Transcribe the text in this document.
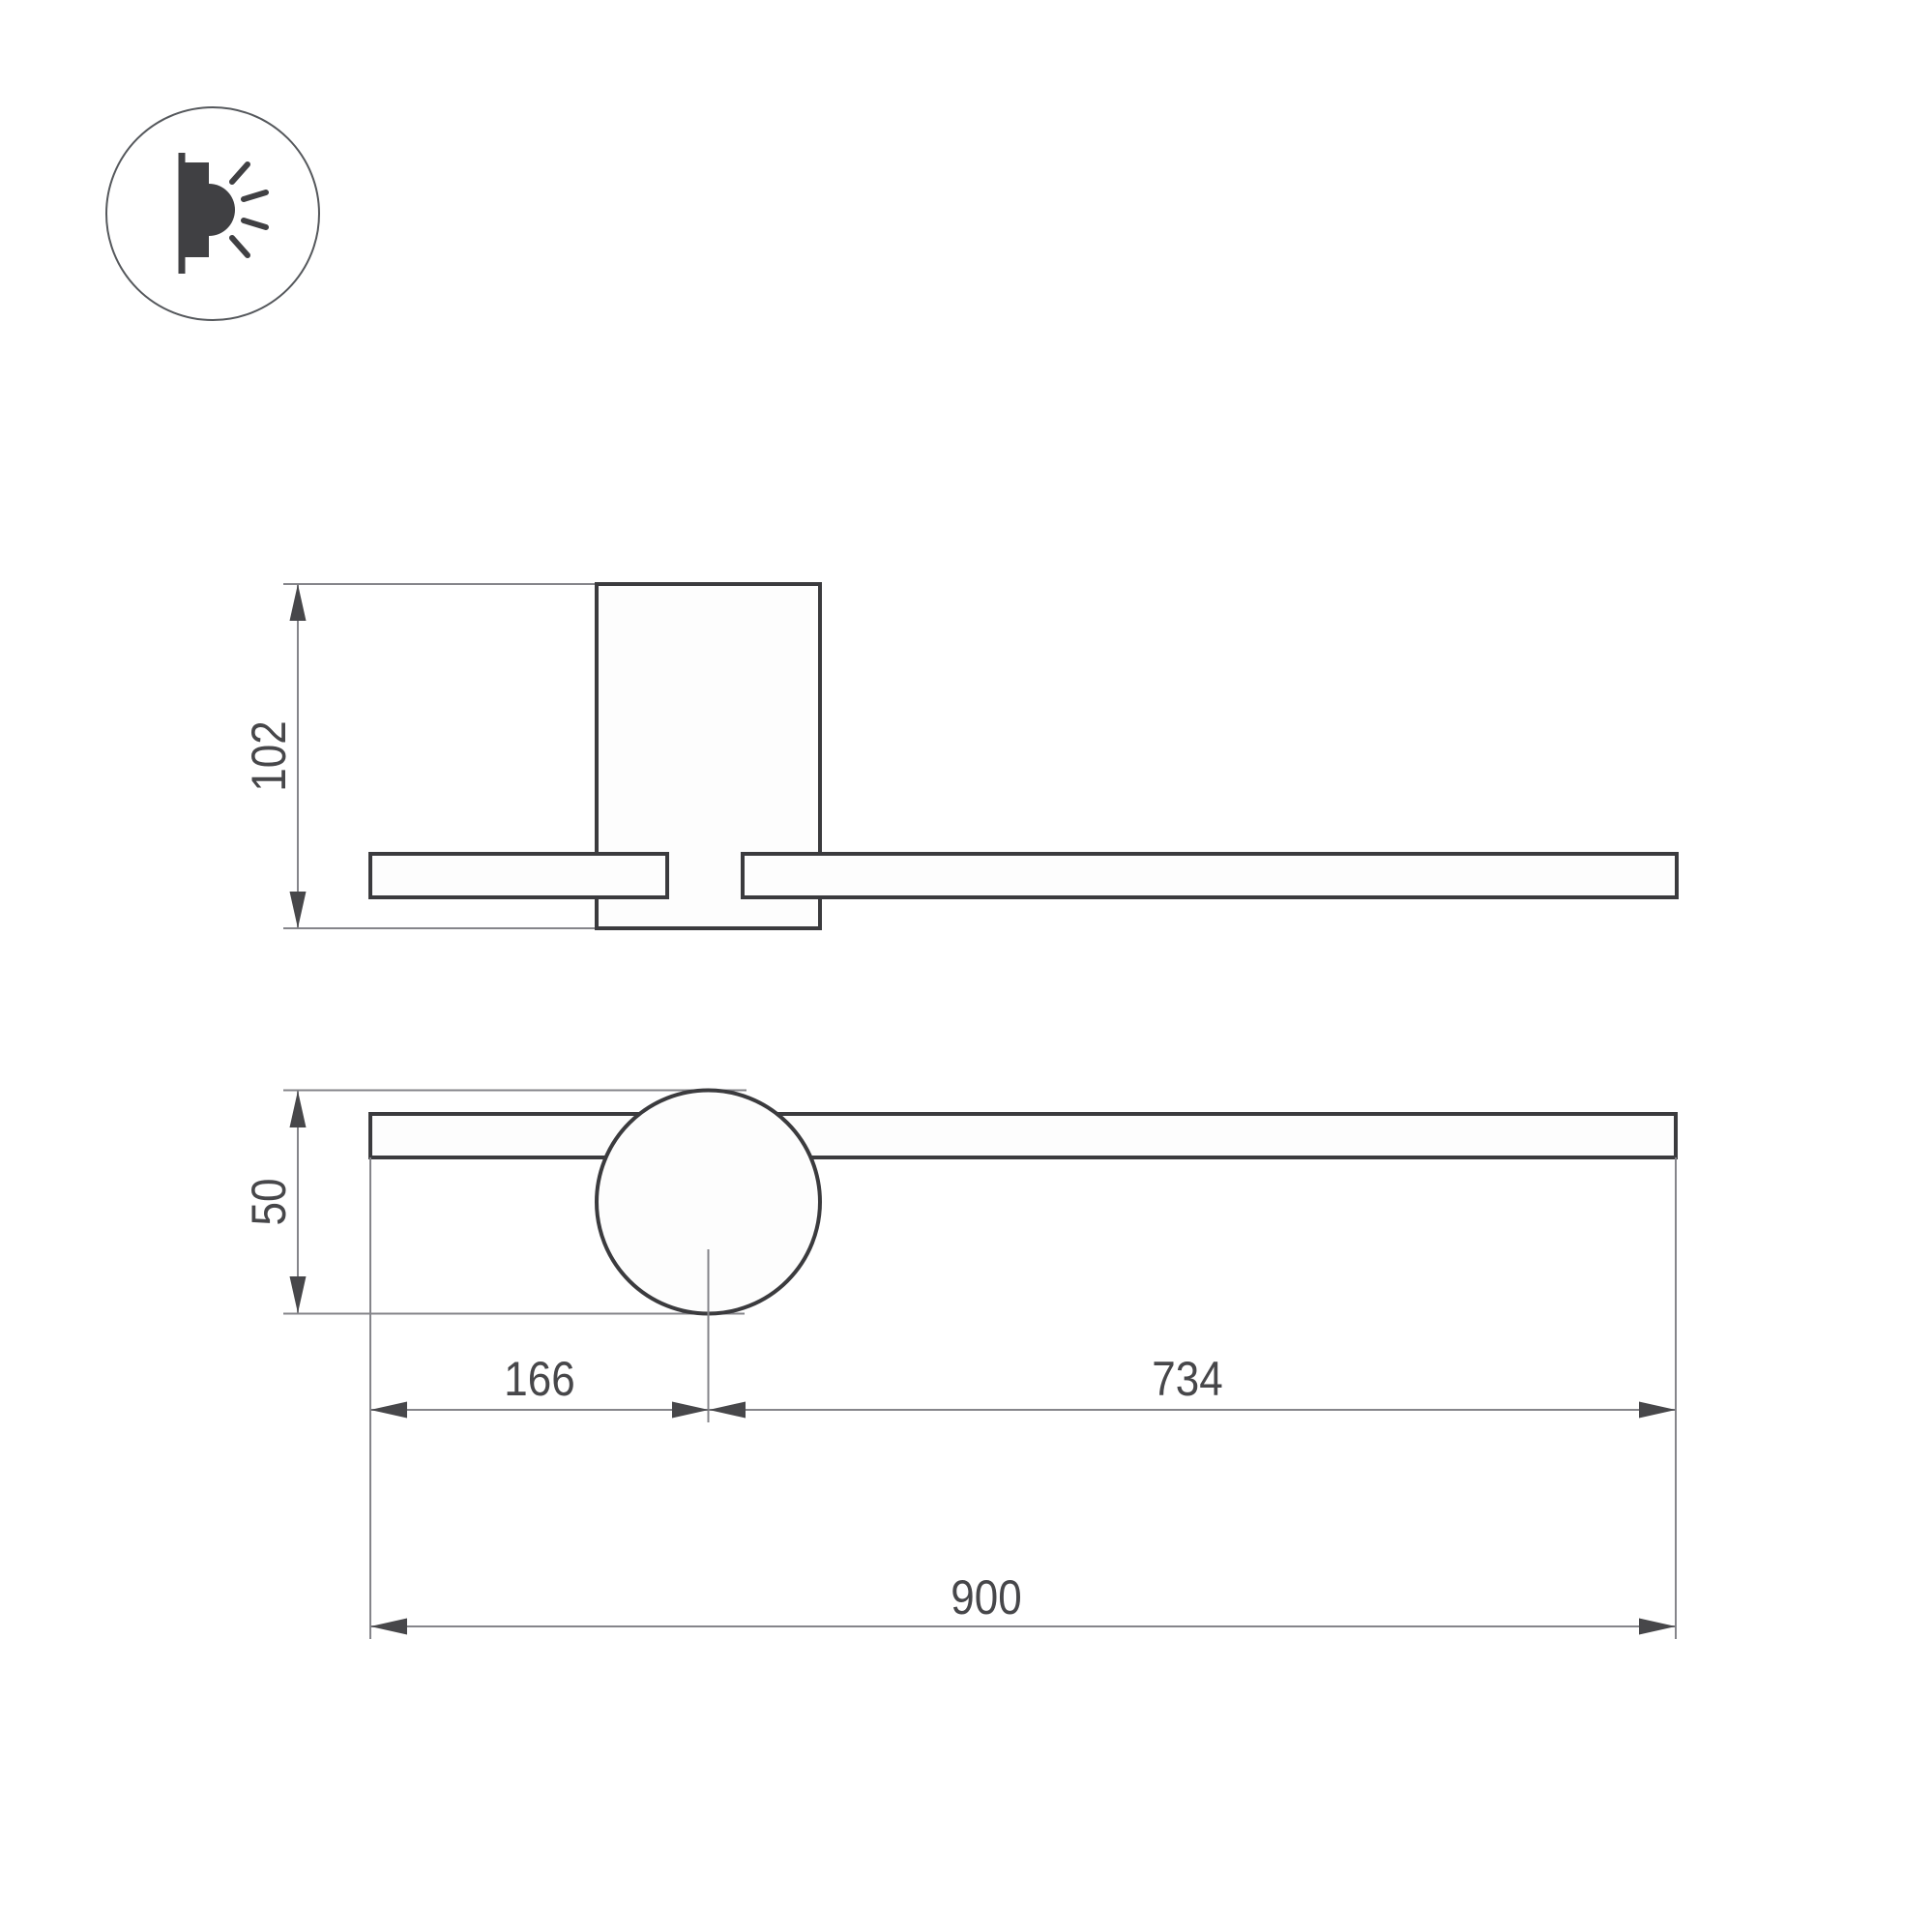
102
50
166	734
900
